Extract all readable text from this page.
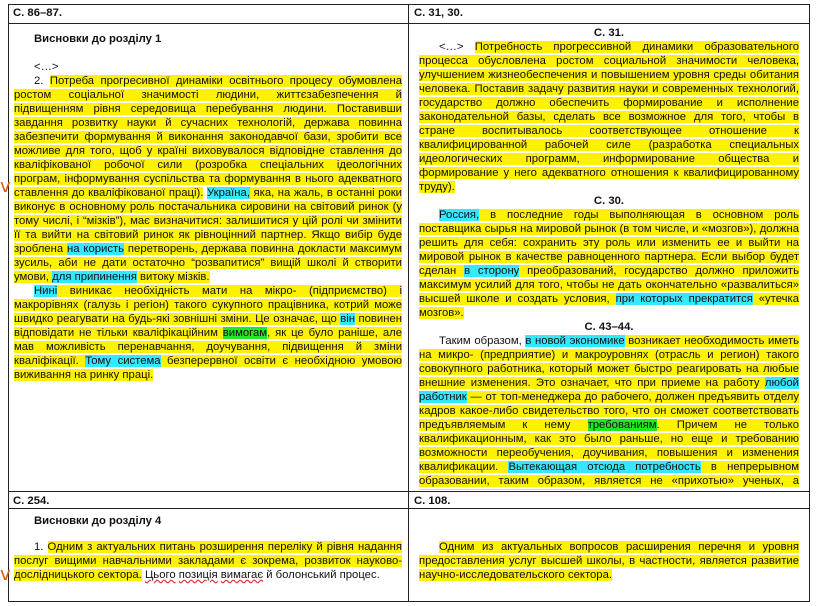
С. 86–87.	С. 31, 30.
Висновки до розділу 1

<…>

2. Потреба прогресивної динаміки освітнього процесу обумовлена ростом соціальної значимості людини, життєзабезпечення й підвищенням рівня середовища перебування людини. Поставивши завдання розвитку науки й сучасних технологій, держава повинна забезпечити формування й виконання законодавчої бази, зробити все можливе для того, щоб у країні виховувалося відповідне ставлення до кваліфікованої робочої сили (розробка спеціальних ідеологічних програм, інформування суспільства та формування в нього адекватного ставлення до кваліфікованої праці). Україна, яка, на жаль, в останні роки виконує в основному роль постачальника сировини на світовий ринок (у тому числі, і “мізків”), має визначитися: залишитися у цій ролі чи змінити її та вийти на світовий ринок як рівноцінний партнер. Якщо вибір буде зроблена на користь перетворень, держава повинна докласти максимум зусиль, аби не дати остаточно “розвапитися” вищій школі й створити умови, для припинення витоку мізків.

Нині виникає необхідність мати на мікро- (підприємство) і макрорівнях (галузь і регіон) такого сукупного працівника, котрий може швидко реагувати на будь-які зовнішні зміни. Це означає, що він повинен відповідати не тільки кваліфікаційним вимогам, як це було раніше, але мав можливість перенавчання, доучування, підвищення й зміни кваліфікації. Тому система безперервної освіти є необхідною умовою виживання на ринку праці.

С. 31.

<…> Потребность прогрессивной динамики образовательного процесса обусловлена ростом социальной значимости человека, улучшением жизнеобеспечения и повышением уровня среды обитания человека. Поставив задачу развития науки и современных технологий, государство должно обеспечить формирование и исполнение законодательной базы, сделать все возможное для того, чтобы в стране воспитывалось соответствующее отношение к квалифицированной рабочей силе (разработка специальных идеологических программ, информирование общества и формирование у него адекватного отношения к квалифицированному труду).

С. 30.

Россия, в последние годы выполняющая в основном роль поставщика сырья на мировой рынок (в том числе, и «мозгов»), должна решить для себя: сохранить эту роль или изменить ее и выйти на мировой рынок в качестве равноценного партнера. Если выбор будет сделан в сторону преобразований, государство должно приложить максимум усилий для того, чтобы не дать окончательно «развалиться» высшей школе и создать условия, при которых прекратится «утечка мозгов».

С. 43–44.

Таким образом, в новой экономике возникает необходимость иметь на микро- (предприятие) и макроуровнях (отрасль и регион) такого совокупного работника, который может быстро реагировать на любые внешние изменения. Это означает, что при приеме на работу любой работник — от топ-менеджера до рабочего, должен предъявить отделу кадров какое-либо свидетельство того, что он сможет соответствовать предъявляемым к нему требованиям. Причем не только квалификационным, как это было раньше, но еще и требованию возможности переобучения, доучивания, повышения и изменения квалификации. Вытекающая отсюда потребность в непрерывном образовании, таким образом, является не «прихотью» ученых, а

С. 254.	С. 108.
Висновки до розділу 4

1. Одним з актуальних питань розширення переліку й рівня надання послуг вищими навчальними закладами є зокрема, розвиток науково-дослідницького сектора. Цього позиція вимагає й болонський процес.

Одним из актуальных вопросов расширения перечня и уровня предоставления услуг высшей школы, в частности, является развитие научно-исследовательского сектора.

v
v
